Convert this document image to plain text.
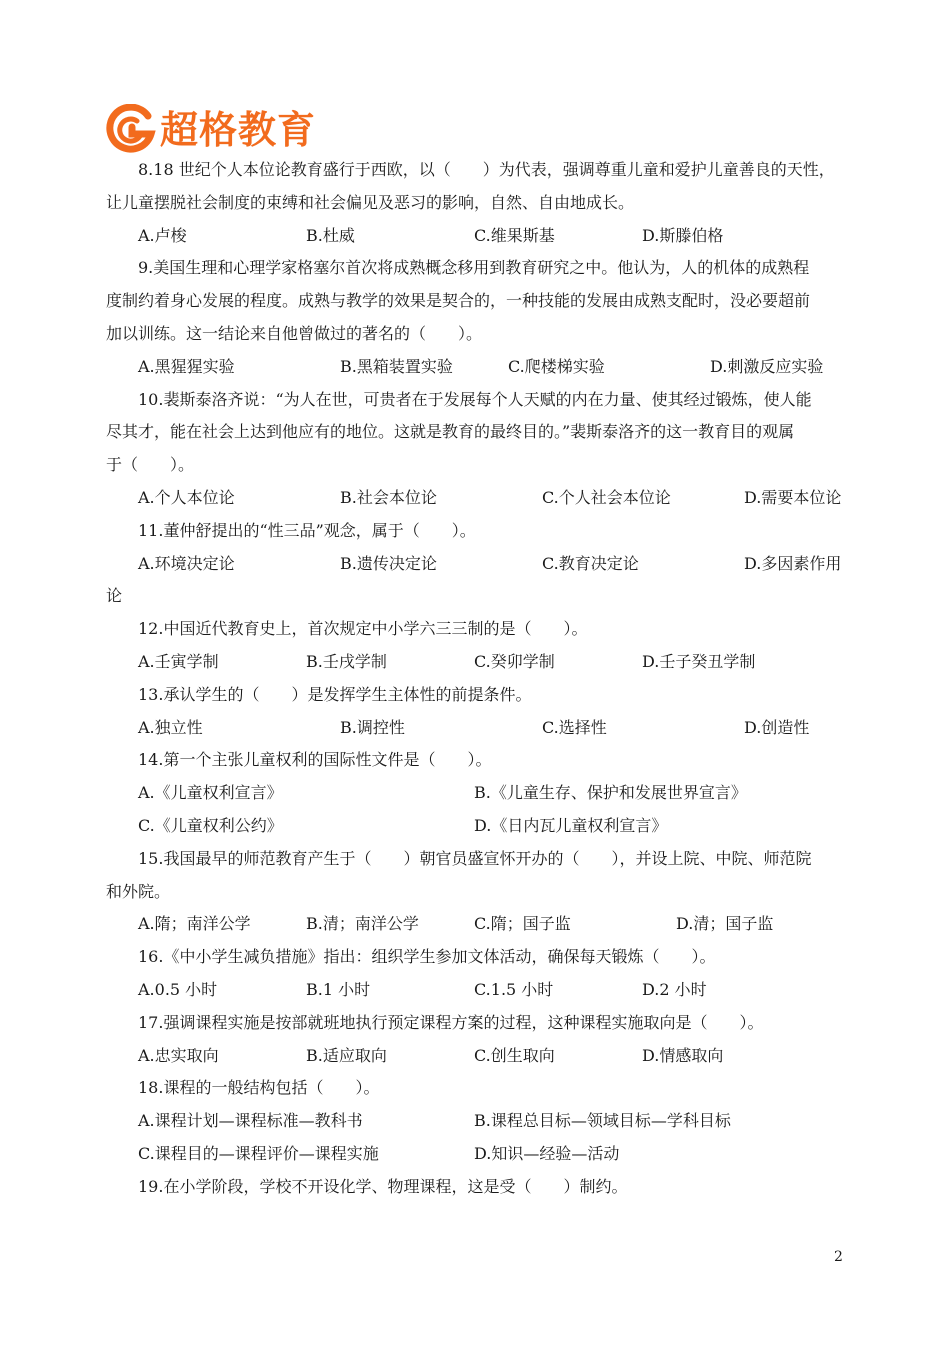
超格教育
8.18 世纪个人本位论教育盛行于西欧，以（　　）为代表，强调尊重儿童和爱护儿童善良的天性，
让儿童摆脱社会制度的束缚和社会偏见及恶习的影响，自然、自由地成长。
A.卢梭	B.杜威	C.维果斯基	D.斯滕伯格
9.美国生理和心理学家格塞尔首次将成熟概念移用到教育研究之中。他认为，人的机体的成熟程
度制约着身心发展的程度。成熟与教学的效果是契合的，一种技能的发展由成熟支配时，没必要超前
加以训练。这一结论来自他曾做过的著名的（　　）。
A.黑猩猩实验	B.黑箱装置实验	C.爬楼梯实验	D.刺激反应实验
10.裴斯泰洛齐说：“为人在世，可贵者在于发展每个人天赋的内在力量、使其经过锻炼，使人能
尽其才，能在社会上达到他应有的地位。这就是教育的最终目的。”裴斯泰洛齐的这一教育目的观属
于（　　）。
A.个人本位论	B.社会本位论	C.个人社会本位论	D.需要本位论
11.董仲舒提出的“性三品”观念，属于（　　）。
A.环境决定论	B.遗传决定论	C.教育决定论	D.多因素作用
论
12.中国近代教育史上，首次规定中小学六三三制的是（　　）。
A.壬寅学制	B.壬戌学制	C.癸卯学制	D.壬子癸丑学制
13.承认学生的（　　）是发挥学生主体性的前提条件。
A.独立性	B.调控性	C.选择性	D.创造性
14.第一个主张儿童权利的国际性文件是（　　）。
A.《儿童权利宣言》	B.《儿童生存、保护和发展世界宣言》
C.《儿童权利公约》	D.《日内瓦儿童权利宣言》
15.我国最早的师范教育产生于（　　）朝官员盛宣怀开办的（　　），并设上院、中院、师范院
和外院。
A.隋；南洋公学	B.清；南洋公学	C.隋；国子监	D.清；国子监
16.《中小学生减负措施》指出：组织学生参加文体活动，确保每天锻炼（　　）。
A.0.5 小时	B.1 小时	C.1.5 小时	D.2 小时
17.强调课程实施是按部就班地执行预定课程方案的过程，这种课程实施取向是（　　）。
A.忠实取向	B.适应取向	C.创生取向	D.情感取向
18.课程的一般结构包括（　　）。
A.课程计划—课程标准—教科书	B.课程总目标—领域目标—学科目标
C.课程目的—课程评价—课程实施	D.知识—经验—活动
19.在小学阶段，学校不开设化学、物理课程，这是受（　　）制约。
2
